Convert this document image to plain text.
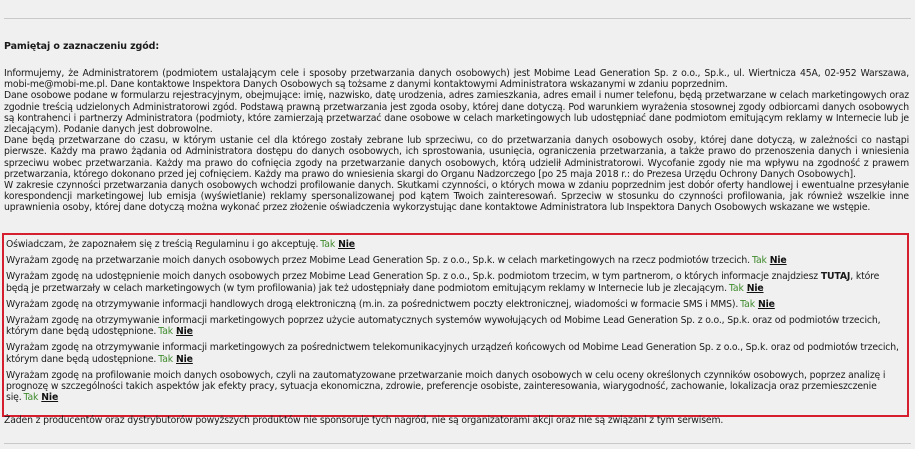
Pamiętaj o zaznaczeniu zgód:

Informujemy, że Administratorem (podmiotem ustalającym cele i sposoby przetwarzania danych osobowych) jest Mobime Lead Generation Sp. z o.o., Sp.k., ul. Wiertnicza 45A, 02-952 Warszawa, mobi-me@mobi-me.pl. Dane kontaktowe Inspektora Danych Osobowych są tożsame z danymi kontaktowymi Administratora wskazanymi w zdaniu poprzednim.

Dane osobowe podane w formularzu rejestracyjnym, obejmujące: imię, nazwisko, datę urodzenia, adres zamieszkania, adres email i numer telefonu, będą przetwarzane w celach marketingowych oraz zgodnie treścią udzielonych Administratorowi zgód. Podstawą prawną przetwarzania jest zgoda osoby, której dane dotyczą. Pod warunkiem wyrażenia stosownej zgody odbiorcami danych osobowych są kontrahenci i partnerzy Administratora (podmioty, które zamierzają przetwarzać dane osobowe w celach marketingowych lub udostępniać dane podmiotom emitującym reklamy w Internecie lub je zlecającym). Podanie danych jest dobrowolne.

Dane będą przetwarzane do czasu, w którym ustanie cel dla którego zostały zebrane lub sprzeciwu, co do przetwarzania danych osobowych osoby, której dane dotyczą, w zależności co nastąpi pierwsze. Każdy ma prawo żądania od Administratora dostępu do danych osobowych, ich sprostowania, usunięcia, ograniczenia przetwarzania, a także prawo do przenoszenia danych i wniesienia sprzeciwu wobec przetwarzania. Każdy ma prawo do cofnięcia zgody na przetwarzanie danych osobowych, którą udzielił Administratorowi. Wycofanie zgody nie ma wpływu na zgodność z prawem przetwarzania, którego dokonano przed jej cofnięciem. Każdy ma prawo do wniesienia skargi do Organu Nadzorczego [po 25 maja 2018 r.: do Prezesa Urzędu Ochrony Danych Osobowych].

W zakresie czynności przetwarzania danych osobowych wchodzi profilowanie danych. Skutkami czynności, o których mowa w zdaniu poprzednim jest dobór oferty handlowej i ewentualne przesyłanie korespondencji marketingowej lub emisja (wyświetlanie) reklamy spersonalizowanej pod kątem Twoich zainteresowań. Sprzeciw w stosunku do czynności profilowania, jak również wszelkie inne uprawnienia osoby, której dane dotyczą można wykonać przez złożenie oświadczenia wykorzystując dane kontaktowe Administratora lub Inspektora Danych Osobowych wskazane we wstępie.

Oświadczam, że zapoznałem się z treścią Regulaminu i go akceptuję. Tak Nie
Wyrażam zgodę na przetwarzanie moich danych osobowych przez Mobime Lead Generation Sp. z o.o., Sp.k. w celach marketingowych na rzecz podmiotów trzecich. Tak Nie
Wyrażam zgodę na udostępnienie moich danych osobowych przez Mobime Lead Generation Sp. z o.o., Sp.k. podmiotom trzecim, w tym partnerom, o których informacje znajdziesz TUTAJ, które będą je przetwarzały w celach marketingowych (w tym profilowania) jak też udostępniały dane podmiotom emitującym reklamy w Internecie lub je zlecającym. Tak Nie
Wyrażam zgodę na otrzymywanie informacji handlowych drogą elektroniczną (m.in. za pośrednictwem poczty elektronicznej, wiadomości w formacie SMS i MMS). Tak Nie
Wyrażam zgodę na otrzymywanie informacji marketingowych poprzez użycie automatycznych systemów wywołujących od Mobime Lead Generation Sp. z o.o., Sp.k. oraz od podmiotów trzecich, którym dane będą udostępnione. Tak Nie
Wyrażam zgodę na otrzymywanie informacji marketingowych za pośrednictwem telekomunikacyjnych urządzeń końcowych od Mobime Lead Generation Sp. z o.o., Sp.k. oraz od podmiotów trzecich, którym dane będą udostępnione. Tak Nie
Wyrażam zgodę na profilowanie moich danych osobowych, czyli na zautomatyzowane przetwarzanie moich danych osobowych w celu oceny określonych czynników osobowych, poprzez analizę i prognozę w szczególności takich aspektów jak efekty pracy, sytuacja ekonomiczna, zdrowie, preferencje osobiste, zainteresowania, wiarygodność, zachowanie, lokalizacja oraz przemieszczenie się. Tak Nie
Żaden z producentów oraz dystrybutorów powyższych produktów nie sponsoruje tych nagród, nie są organizatorami akcji oraz nie są związani z tym serwisem.
